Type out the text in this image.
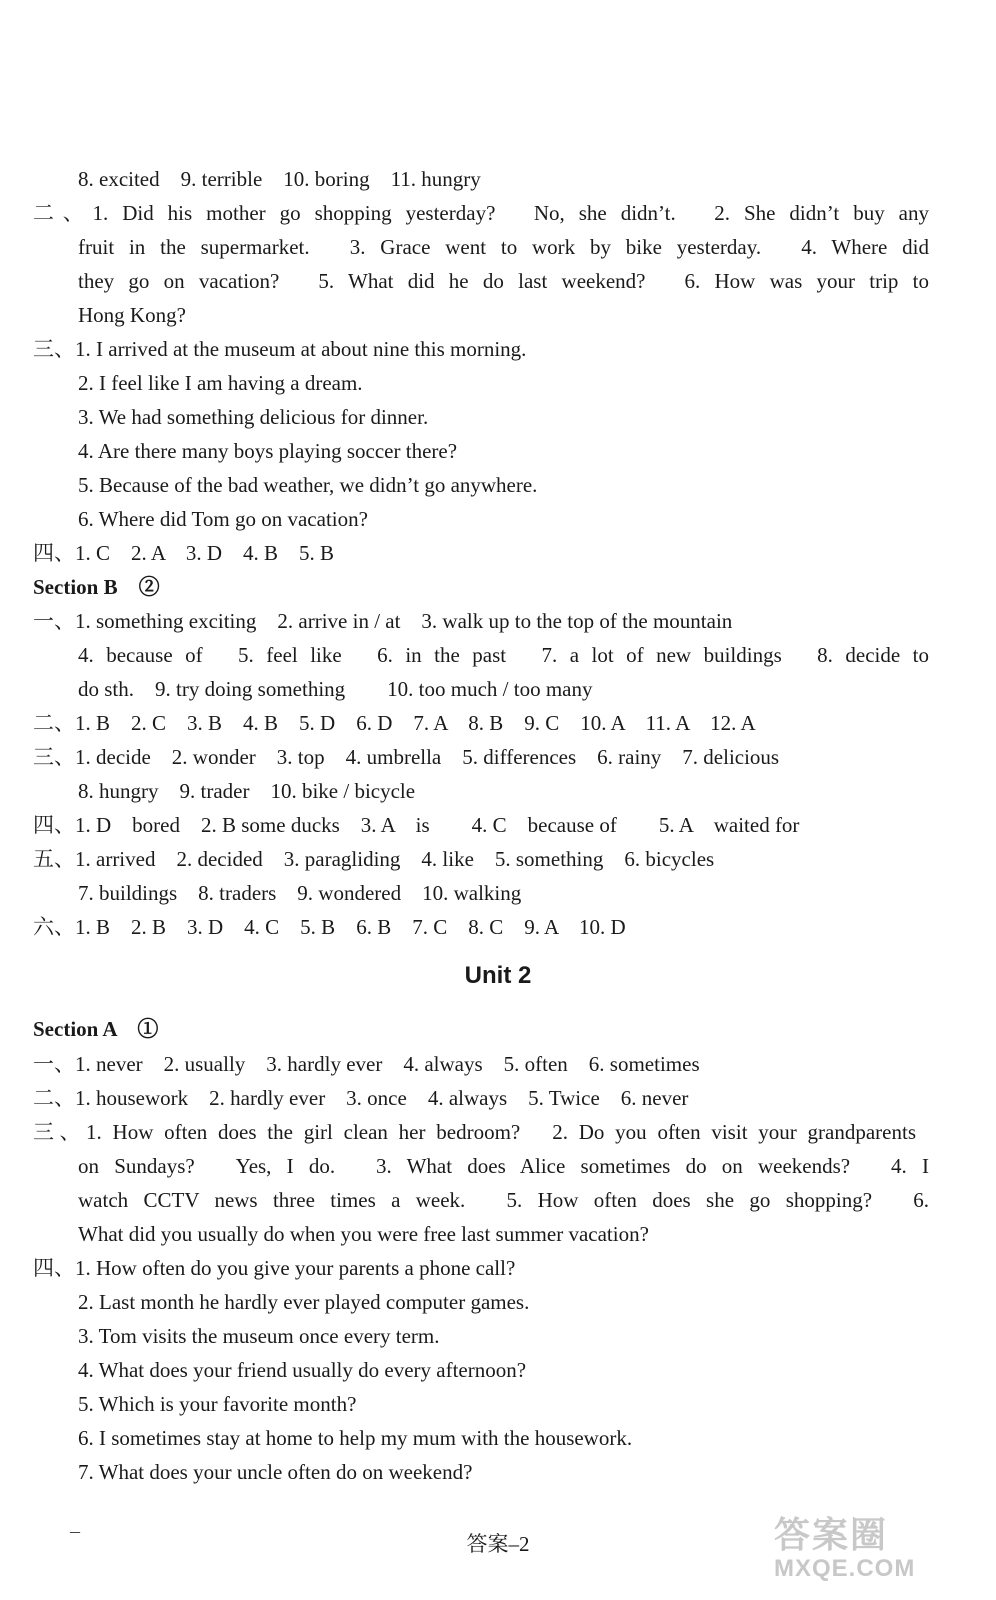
8. excited　9. terrible　10. boring　11. hungry
二、1. Did his mother go shopping yesterday?　No, she didn’t.　2. She didn’t buy any
fruit in the supermarket.　3. Grace went to work by bike yesterday.　4. Where did
they go on vacation?　5. What did he do last weekend?　6. How was your trip to
Hong Kong?
三、1. I arrived at the museum at about nine this morning.
2. I feel like I am having a dream.
3. We had something delicious for dinner.
4. Are there many boys playing soccer there?
5. Because of the bad weather, we didn’t go anywhere.
6. Where did Tom go on vacation?
四、1. C　2. A　3. D　4. B　5. B
Section B　②
一、1. something exciting　2. arrive in / at　3. walk up to the top of the mountain
4. because of　5. feel like　6. in the past　7. a lot of new buildings　8. decide to
do sth.　9. try doing something　　10. too much / too many
二、1. B　2. C　3. B　4. B　5. D　6. D　7. A　8. B　9. C　10. A　11. A　12. A
三、1. decide　2. wonder　3. top　4. umbrella　5. differences　6. rainy　7. delicious
8. hungry　9. trader　10. bike / bicycle
四、1. D　bored　2. B some ducks　3. A　is　　4. C　because of　　5. A　waited for
五、1. arrived　2. decided　3. paragliding　4. like　5. something　6. bicycles
7. buildings　8. traders　9. wondered　10. walking
六、1. B　2. B　3. D　4. C　5. B　6. B　7. C　8. C　9. A　10. D
Unit 2
Section A　①
一、1. never　2. usually　3. hardly ever　4. always　5. often　6. sometimes
二、1. housework　2. hardly ever　3. once　4. always　5. Twice　6. never
三、1. How often does the girl clean her bedroom?　2. Do you often visit your grandparents
on Sundays?　Yes, I do.　3. What does Alice sometimes do on weekends?　4. I
watch CCTV news three times a week.　5. How often does she go shopping?　6.
What did you usually do when you were free last summer vacation?
四、1. How often do you give your parents a phone call?
2. Last month he hardly ever played computer games.
3. Tom visits the museum once every term.
4. What does your friend usually do every afternoon?
5. Which is your favorite month?
6. I sometimes stay at home to help my mum with the housework.
7. What does your uncle often do on weekend?
–
答案–2	答案圈
MXQE.COM
